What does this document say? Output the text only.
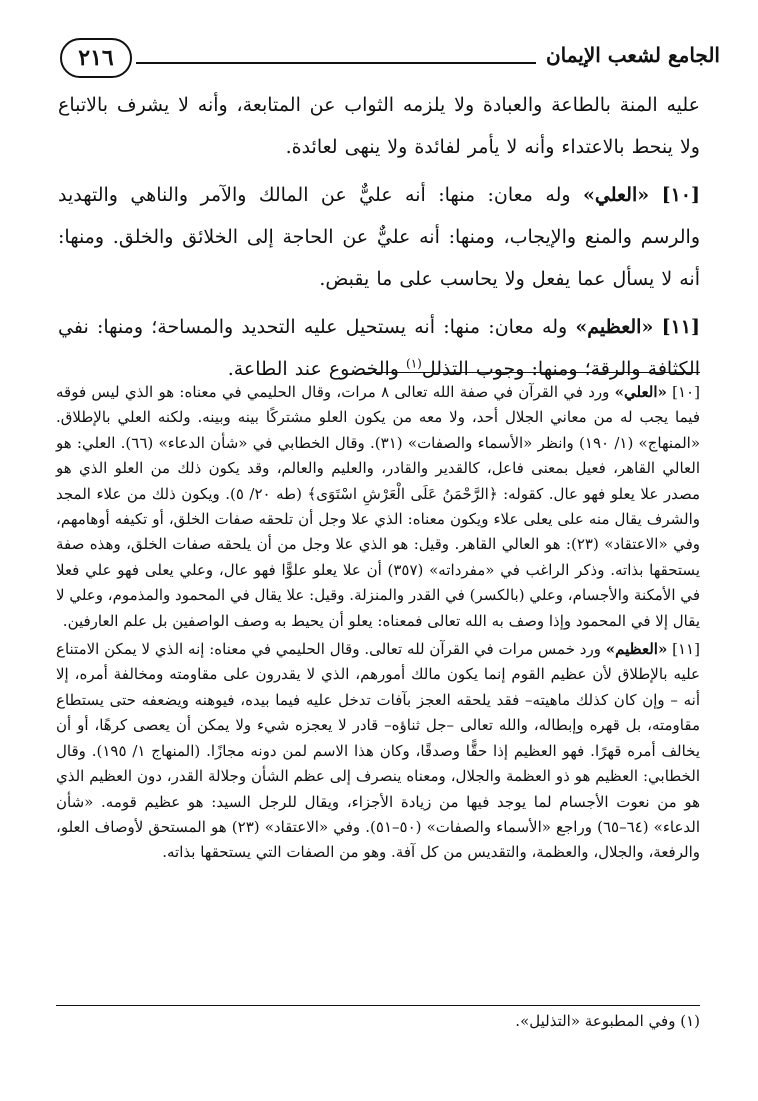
الجامع لشعب الإيمان
٢١٦

عليه المنة بالطاعة والعبادة ولا يلزمه الثواب عن المتابعة، وأنه لا يشرف بالاتباع ولا ينحط بالاعتداء وأنه لا يأمر لفائدة ولا ينهى لعائدة.

[١٠] «العلي» وله معان: منها: أنه عليٌّ عن المالك والآمر والناهي والتهديد والرسم والمنع والإيجاب، ومنها: أنه عليٌّ عن الحاجة إلى الخلائق والخلق. ومنها: أنه لا يسأل عما يفعل ولا يحاسب على ما يقبض.

[١١] «العظيم» وله معان: منها: أنه يستحيل عليه التحديد والمساحة؛ ومنها: نفي الكثافة والرقة؛ ومنها: وجوب التذلل$^{(١)}$ والخضوع عند الطاعة.

[١٠] «العلي» ورد في القرآن في صفة الله تعالى ٨ مرات، وقال الحليمي في معناه: هو الذي ليس فوقه فيما يجب له من معاني الجلال أحد، ولا معه من يكون العلو مشتركًا بينه وبينه. ولكنه العلي بالإطلاق. «المنهاج» (١/ ١٩٠) وانظر «الأسماء والصفات» (٣١). وقال الخطابي في «شأن الدعاء» (٦٦). العلي: هو العالي القاهر، فعيل بمعنى فاعل، كالقدير والقادر، والعليم والعالم، وقد يكون ذلك من العلو الذي هو مصدر علا يعلو فهو عال. كقوله: ﴿الرَّحْمَنُ عَلَى الْعَرْشِ اسْتَوَى﴾ (طه ٢٠/ ٥). ويكون ذلك من علاء المجد والشرف يقال منه على يعلى علاء ويكون معناه: الذي علا وجل أن تلحقه صفات الخلق، أو تكيفه أوهامهم، وفي «الاعتقاد» (٢٣): هو العالي القاهر. وقيل: هو الذي علا وجل من أن يلحقه صفات الخلق، وهذه صفة يستحقها بذاته. وذكر الراغب في «مفرداته» (٣٥٧) أن علا يعلو علوًّا فهو عال، وعلي يعلى فهو علي فعلا في الأمكنة والأجسام، وعلي (بالكسر) في القدر والمنزلة. وقيل: علا يقال في المحمود والمذموم، وعلي لا يقال إلا في المحمود وإذا وصف به الله تعالى فمعناه: يعلو أن يحيط به وصف الواصفين بل علم العارفين.

[١١] «العظيم» ورد خمس مرات في القرآن لله تعالى. وقال الحليمي في معناه: إنه الذي لا يمكن الامتناع عليه بالإطلاق لأن عظيم القوم إنما يكون مالك أمورهم، الذي لا يقدرون على مقاومته ومخالفة أمره، إلا أنه – وإن كان كذلك ماهيته– فقد يلحقه العجز بآفات تدخل عليه فيما بيده، فيوهنه ويضعفه حتى يستطاع مقاومته، بل قهره وإبطاله، والله تعالى –جل ثناؤه– قادر لا يعجزه شيء ولا يمكن أن يعصى كرهًا، أو أن يخالف أمره قهرًا. فهو العظيم إذا حقًّا وصدقًا، وكان هذا الاسم لمن دونه مجازًا. (المنهاج ١/ ١٩٥). وقال الخطابي: العظيم هو ذو العظمة والجلال، ومعناه ينصرف إلى عظم الشأن وجلالة القدر، دون العظيم الذي هو من نعوت الأجسام لما يوجد فيها من زيادة الأجزاء، ويقال للرجل السيد: هو عظيم قومه. «شأن الدعاء» (٦٤–٦٥) وراجع «الأسماء والصفات» (٥٠–٥١). وفي «الاعتقاد» (٢٣) هو المستحق لأوصاف العلو، والرفعة، والجلال، والعظمة، والتقديس من كل آفة. وهو من الصفات التي يستحقها بذاته.

(١) وفي المطبوعة «التذليل».
